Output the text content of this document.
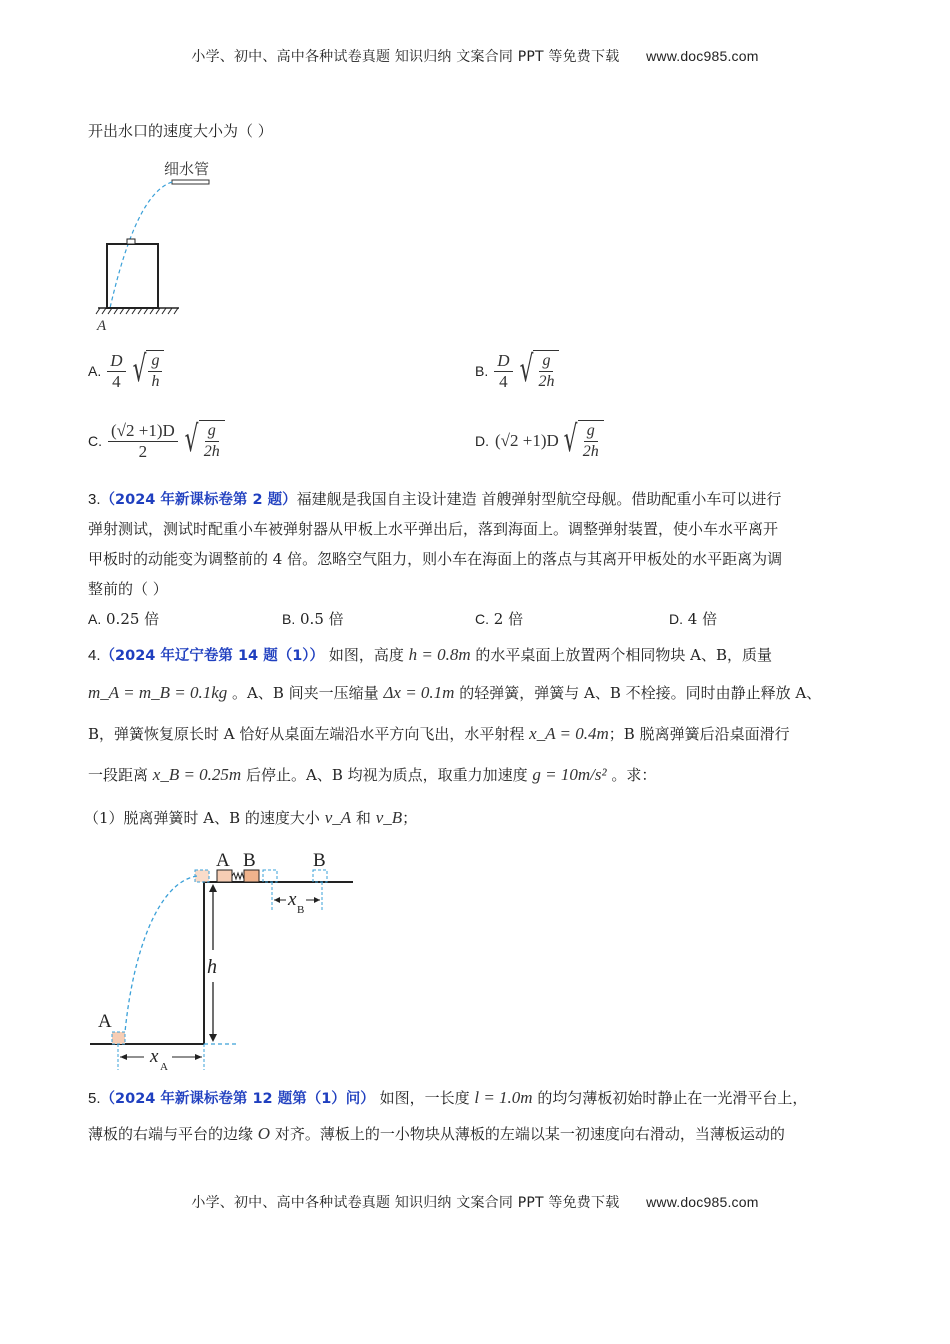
小学、初中、高中各种试卷真题 知识归纳 文案合同 PPT 等免费下载 www.doc985.com
开出水口的速度大小为（ ）
细水管
A
A. $\frac{D}{4}$ √ $\frac{g}{h}$	B. $\frac{D}{4}$ √ $\frac{g}{2h}$
C. $\frac{(√2 +1)D}{2}$ √ $\frac{g}{2h}$	D. (√2 +1)D √ $\frac{g}{2h}$
3.（2024 年新课标卷第 2 题）福建舰是我国自主设计建造 首艘弹射型航空母舰。借助配重小车可以进行
弹射测试，测试时配重小车被弹射器从甲板上水平弹出后，落到海面上。调整弹射装置，使小车水平离开
甲板时的动能变为调整前的 4 倍。忽略空气阻力，则小车在海面上的落点与其离开甲板处的水平距离为调
整前的（ ）
A. 0.25 倍	B. 0.5 倍	C. 2 倍	D. 4 倍
4.（2024 年辽宁卷第 14 题（1）） 如图，高度 h = 0.8m 的水平桌面上放置两个相同物块 A、B，质量
m_A = m_B = 0.1kg 。A、B 间夹一压缩量 Δx = 0.1m 的轻弹簧，弹簧与 A、B 不栓接。同时由静止释放 A、
B，弹簧恢复原长时 A 恰好从桌面左端沿水平方向飞出，水平射程 x_A = 0.4m；B 脱离弹簧后沿桌面滑行
一段距离 x_B = 0.25m 后停止。A、B 均视为质点，取重力加速度 g = 10m/s² 。求：
（1）脱离弹簧时 A、B 的速度大小 v_A 和 v_B；
A B	B
x B
A
h
x A
5.（2024 年新课标卷第 12 题第（1）问） 如图，一长度 l = 1.0m 的均匀薄板初始时静止在一光滑平台上，
薄板的右端与平台的边缘 O 对齐。薄板上的一小物块从薄板的左端以某一初速度向右滑动，当薄板运动的
小学、初中、高中各种试卷真题 知识归纳 文案合同 PPT 等免费下载 www.doc985.com
